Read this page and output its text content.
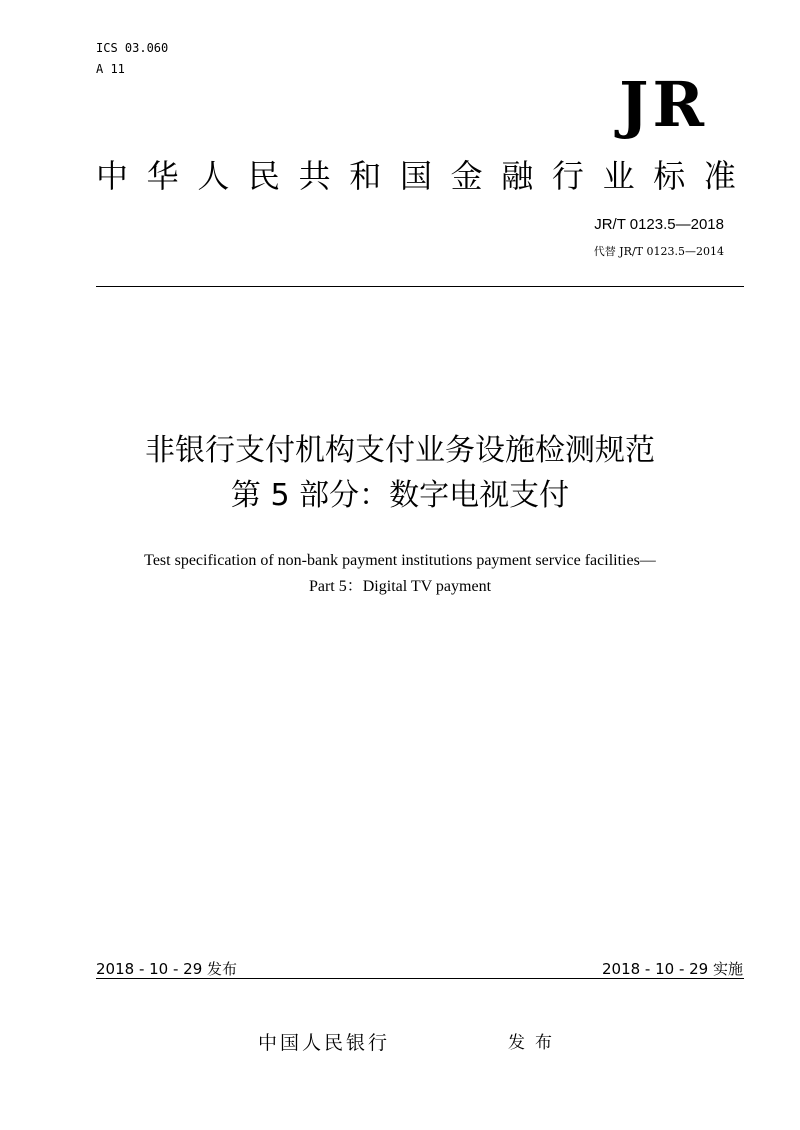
ICS 03.060
A 11	JR
中 华 人 民 共 和 国 金 融 行 业 标 准
JR/T 0123.5—2018
代替 JR/T 0123.5—2014
非银行支付机构支付业务设施检测规范
第 5 部分：数字电视支付
Test specification of non-bank payment institutions payment service facilities—
Part 5：Digital TV payment
2018 - 10 - 29 发布	2018 - 10 - 29 实施
中国人民银行	发布
